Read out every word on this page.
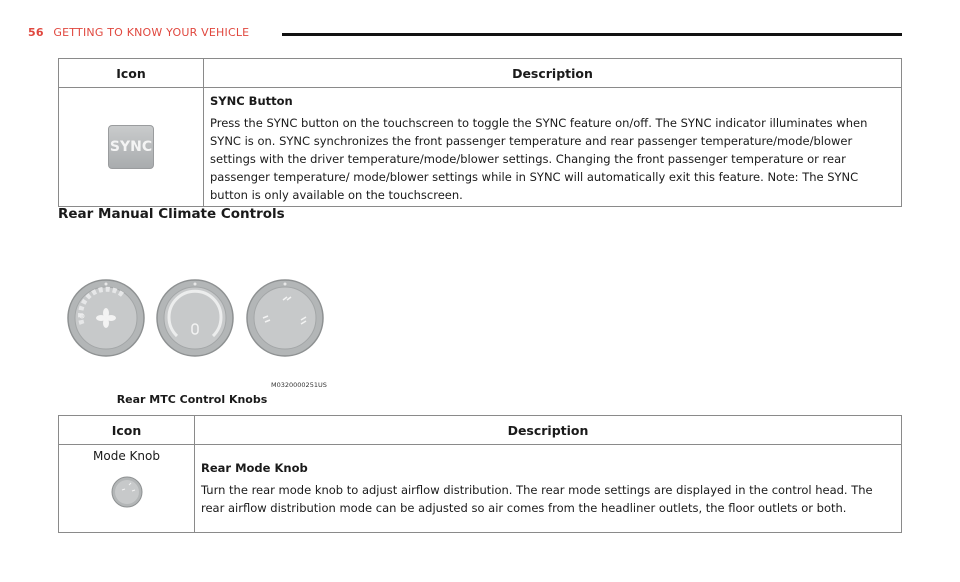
56 GETTING TO KNOW YOUR VEHICLE
Icon	Description
SYNC	SYNC Button

Press the SYNC button on the touchscreen to toggle the SYNC feature on/off. The SYNC indicator illuminates when SYNC is on. SYNC synchronizes the front passenger temperature and rear passenger temperature/mode/blower settings with the driver temperature/mode/blower settings. Changing the front passenger temperature or rear passenger temperature/ mode/blower settings while in SYNC will automatically exit this feature. Note: The SYNC button is only available on the touchscreen.

Rear Manual Climate Controls
M0320000251US
Rear MTC Control Knobs
Icon	Description

Mode Knob	Rear Mode Knob

Turn the rear mode knob to adjust airflow distribution. The rear mode settings are displayed in the control head. The rear airflow distribution mode can be adjusted so air comes from the headliner outlets, the floor outlets or both.
